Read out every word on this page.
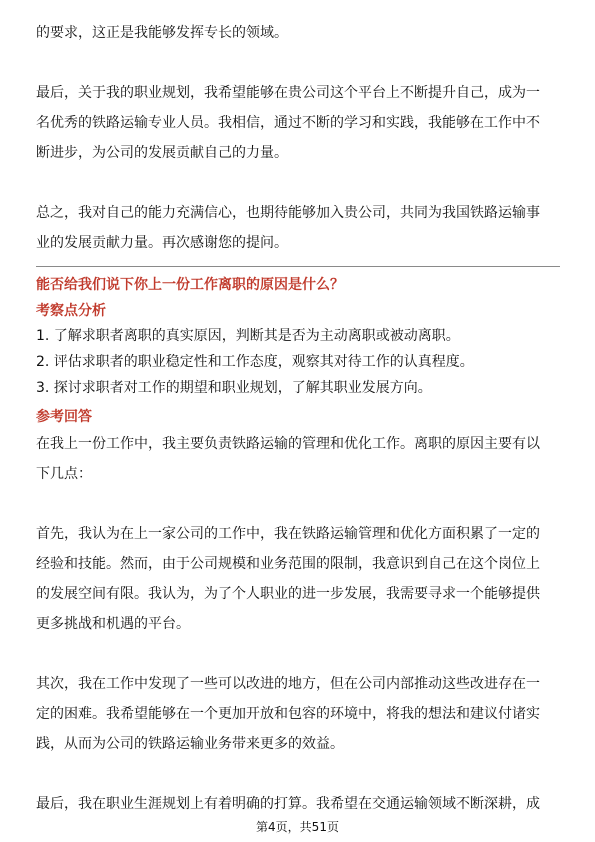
的要求，这正是我能够发挥专长的领域。

最后，关于我的职业规划，我希望能够在贵公司这个平台上不断提升自己，成为一
名优秀的铁路运输专业人员。我相信，通过不断的学习和实践，我能够在工作中不
断进步，为公司的发展贡献自己的力量。

总之，我对自己的能力充满信心，也期待能够加入贵公司，共同为我国铁路运输事
业的发展贡献力量。再次感谢您的提问。

能否给我们说下你上一份工作离职的原因是什么？

考察点分析

1. 了解求职者离职的真实原因，判断其是否为主动离职或被动离职。

2. 评估求职者的职业稳定性和工作态度，观察其对待工作的认真程度。

3. 探讨求职者对工作的期望和职业规划，了解其职业发展方向。

参考回答

在我上一份工作中，我主要负责铁路运输的管理和优化工作。离职的原因主要有以
下几点：

首先，我认为在上一家公司的工作中，我在铁路运输管理和优化方面积累了一定的
经验和技能。然而，由于公司规模和业务范围的限制，我意识到自己在这个岗位上
的发展空间有限。我认为，为了个人职业的进一步发展，我需要寻求一个能够提供
更多挑战和机遇的平台。

其次，我在工作中发现了一些可以改进的地方，但在公司内部推动这些改进存在一
定的困难。我希望能够在一个更加开放和包容的环境中，将我的想法和建议付诸实
践，从而为公司的铁路运输业务带来更多的效益。

最后，我在职业生涯规划上有着明确的打算。我希望在交通运输领域不断深耕，成

第4页，共51页
